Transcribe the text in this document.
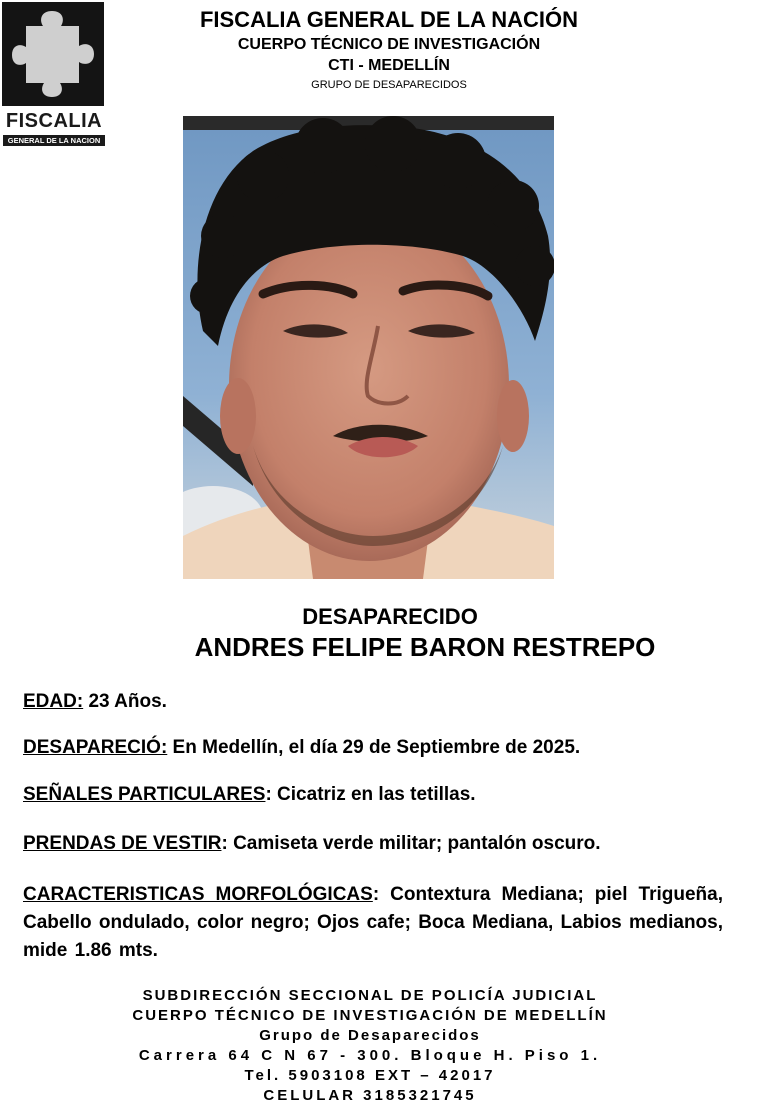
FISCALIA
GENERAL DE LA NACION
FISCALIA GENERAL DE LA NACIÓN
CUERPO TÉCNICO DE INVESTIGACIÓN
CTI - MEDELLÍN
GRUPO DE DESAPARECIDOS
DESAPARECIDO
ANDRES FELIPE BARON RESTREPO
EDAD: 23 Años.
DESAPARECIÓ: En Medellín, el día 29 de Septiembre de 2025.
SEÑALES PARTICULARES: Cicatriz en las tetillas.
PRENDAS DE VESTIR: Camiseta verde militar; pantalón oscuro.
CARACTERISTICAS MORFOLÓGICAS: Contextura Mediana; piel Trigueña, Cabello ondulado, color negro; Ojos cafe; Boca Mediana, Labios medianos, mide 1.86 mts.
SUBDIRECCIÓN SECCIONAL DE POLICÍA JUDICIAL
CUERPO TÉCNICO DE INVESTIGACIÓN DE MEDELLÍN
Grupo de Desaparecidos
Carrera 64 C N 67 - 300. Bloque H. Piso 1.
Tel. 5903108 EXT – 42017
CELULAR 3185321745
